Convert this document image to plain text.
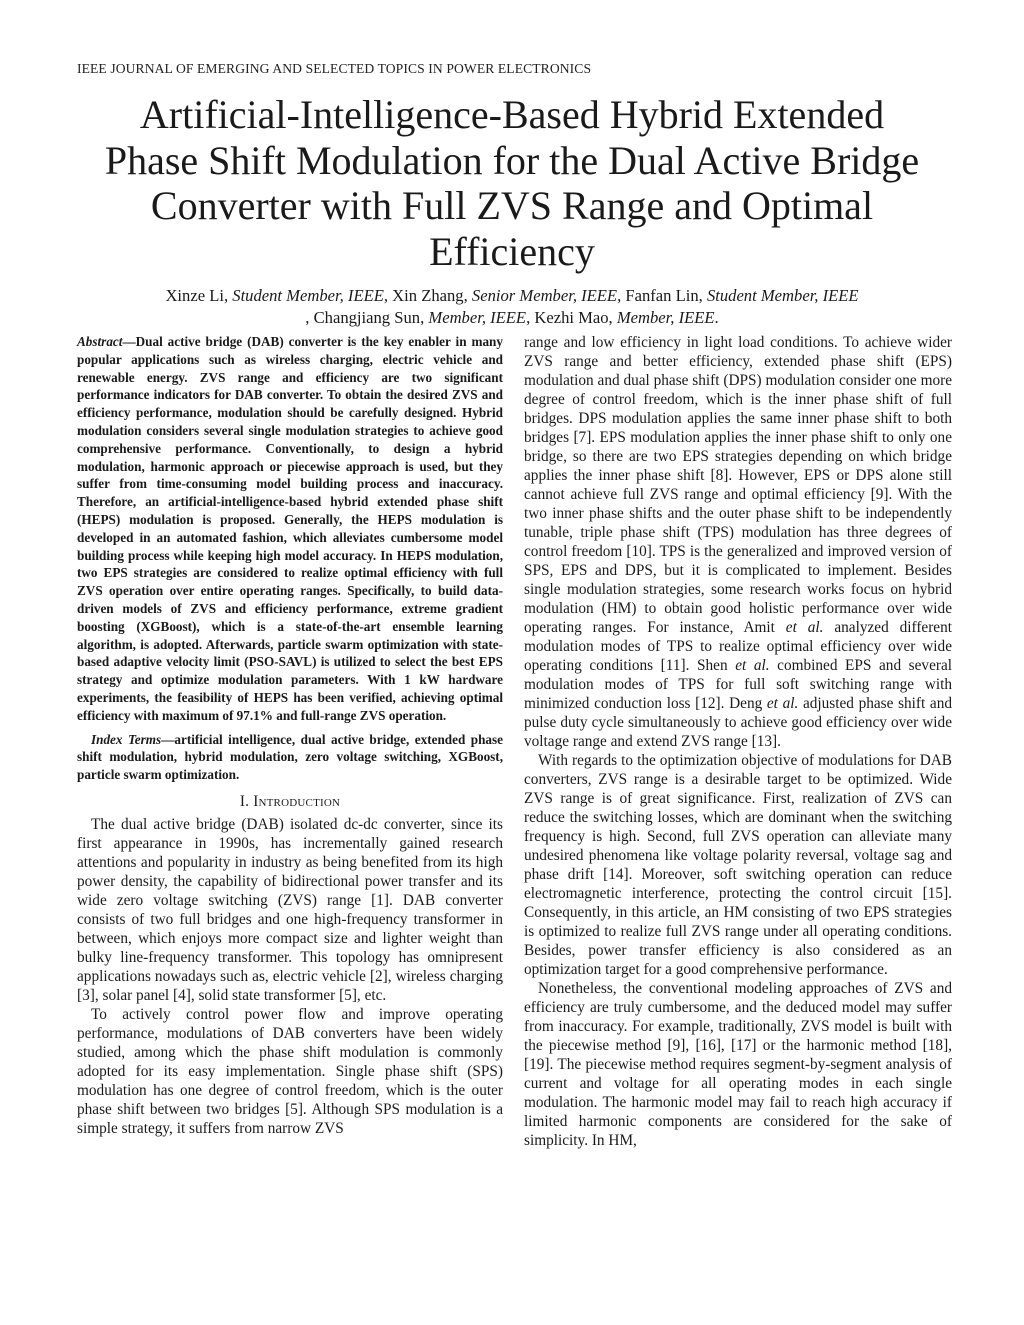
IEEE JOURNAL OF EMERGING AND SELECTED TOPICS IN POWER ELECTRONICS
Artificial-Intelligence-Based Hybrid Extended Phase Shift Modulation for the Dual Active Bridge Converter with Full ZVS Range and Optimal Efficiency
Xinze Li, Student Member, IEEE, Xin Zhang, Senior Member, IEEE, Fanfan Lin, Student Member, IEEE
, Changjiang Sun, Member, IEEE, Kezhi Mao, Member, IEEE.

Abstract—Dual active bridge (DAB) converter is the key enabler in many popular applications such as wireless charging, electric vehicle and renewable energy. ZVS range and efficiency are two significant performance indicators for DAB converter. To obtain the desired ZVS and efficiency performance, modulation should be carefully designed. Hybrid modulation considers several single modulation strategies to achieve good comprehensive performance. Conventionally, to design a hybrid modulation, harmonic approach or piecewise approach is used, but they suffer from time-consuming model building process and inaccuracy. Therefore, an artificial-intelligence-based hybrid extended phase shift (HEPS) modulation is proposed. Generally, the HEPS modulation is developed in an automated fashion, which alleviates cumbersome model building process while keeping high model accuracy. In HEPS modulation, two EPS strategies are considered to realize optimal efficiency with full ZVS operation over entire operating ranges. Specifically, to build data-driven models of ZVS and efficiency performance, extreme gradient boosting (XGBoost), which is a state-of-the-art ensemble learning algorithm, is adopted. Afterwards, particle swarm optimization with state-based adaptive velocity limit (PSO-SAVL) is utilized to select the best EPS strategy and optimize modulation parameters. With 1 kW hardware experiments, the feasibility of HEPS has been verified, achieving optimal efficiency with maximum of 97.1% and full-range ZVS operation.

Index Terms—artificial intelligence, dual active bridge, extended phase shift modulation, hybrid modulation, zero voltage switching, XGBoost, particle swarm optimization.

I. Introduction

The dual active bridge (DAB) isolated dc-dc converter, since its first appearance in 1990s, has incrementally gained research attentions and popularity in industry as being benefited from its high power density, the capability of bidirectional power transfer and its wide zero voltage switching (ZVS) range [1]. DAB converter consists of two full bridges and one high-frequency transformer in between, which enjoys more compact size and lighter weight than bulky line-frequency transformer. This topology has omnipresent applications nowadays such as, electric vehicle [2], wireless charging [3], solar panel [4], solid state transformer [5], etc.

To actively control power flow and improve operating performance, modulations of DAB converters have been widely studied, among which the phase shift modulation is commonly adopted for its easy implementation. Single phase shift (SPS) modulation has one degree of control freedom, which is the outer phase shift between two bridges [5]. Although SPS modulation is a simple strategy, it suffers from narrow ZVS

range and low efficiency in light load conditions. To achieve wider ZVS range and better efficiency, extended phase shift (EPS) modulation and dual phase shift (DPS) modulation consider one more degree of control freedom, which is the inner phase shift of full bridges. DPS modulation applies the same inner phase shift to both bridges [7]. EPS modulation applies the inner phase shift to only one bridge, so there are two EPS strategies depending on which bridge applies the inner phase shift [8]. However, EPS or DPS alone still cannot achieve full ZVS range and optimal efficiency [9]. With the two inner phase shifts and the outer phase shift to be independently tunable, triple phase shift (TPS) modulation has three degrees of control freedom [10]. TPS is the generalized and improved version of SPS, EPS and DPS, but it is complicated to implement. Besides single modulation strategies, some research works focus on hybrid modulation (HM) to obtain good holistic performance over wide operating ranges. For instance, Amit et al. analyzed different modulation modes of TPS to realize optimal efficiency over wide operating conditions [11]. Shen et al. combined EPS and several modulation modes of TPS for full soft switching range with minimized conduction loss [12]. Deng et al. adjusted phase shift and pulse duty cycle simultaneously to achieve good efficiency over wide voltage range and extend ZVS range [13].

With regards to the optimization objective of modulations for DAB converters, ZVS range is a desirable target to be optimized. Wide ZVS range is of great significance. First, realization of ZVS can reduce the switching losses, which are dominant when the switching frequency is high. Second, full ZVS operation can alleviate many undesired phenomena like voltage polarity reversal, voltage sag and phase drift [14]. Moreover, soft switching operation can reduce electromagnetic interference, protecting the control circuit [15]. Consequently, in this article, an HM consisting of two EPS strategies is optimized to realize full ZVS range under all operating conditions. Besides, power transfer efficiency is also considered as an optimization target for a good comprehensive performance.

Nonetheless, the conventional modeling approaches of ZVS and efficiency are truly cumbersome, and the deduced model may suffer from inaccuracy. For example, traditionally, ZVS model is built with the piecewise method [9], [16], [17] or the harmonic method [18], [19]. The piecewise method requires segment-by-segment analysis of current and voltage for all operating modes in each single modulation. The harmonic model may fail to reach high accuracy if limited harmonic components are considered for the sake of simplicity. In HM,
